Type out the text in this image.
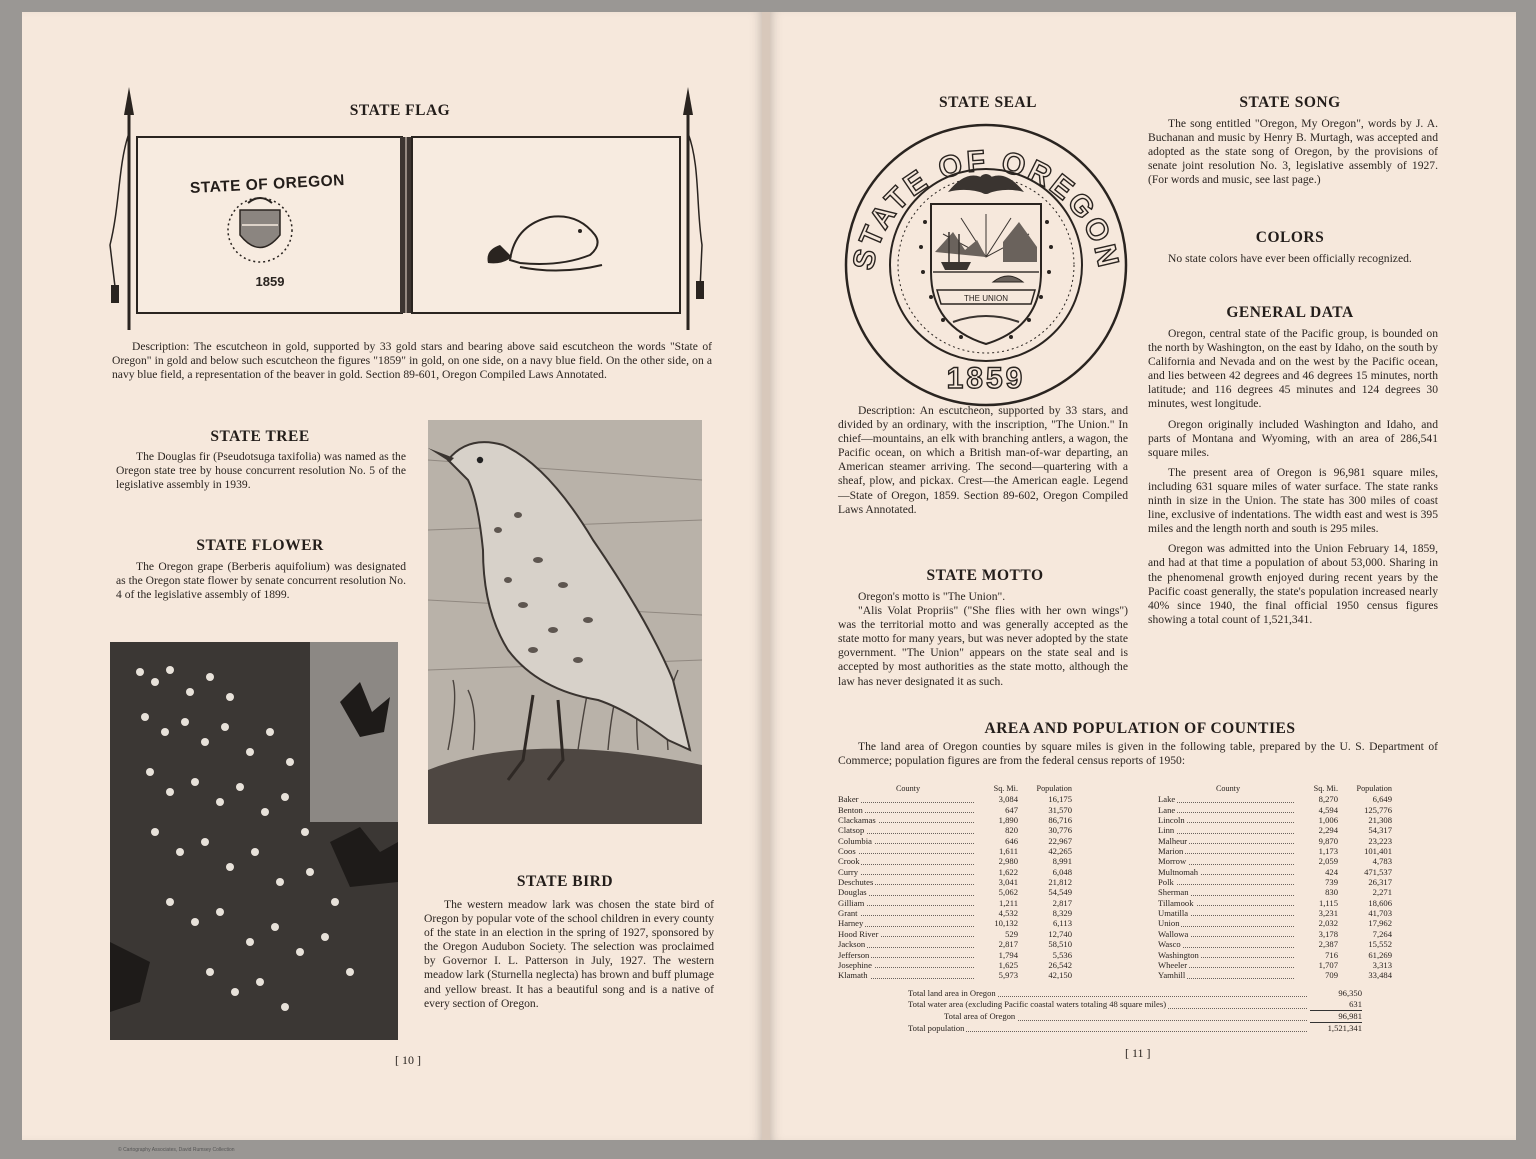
STATE FLAG
STATE OF OREGON
1859

Description: The escutcheon in gold, supported by 33 gold stars and bearing above said escutcheon the words "State of Oregon" in gold and below such escutcheon the figures "1859" in gold, on one side, on a navy blue field. On the other side, on a navy blue field, a representation of the beaver in gold. Section 89-601, Oregon Compiled Laws Annotated.

STATE TREE

The Douglas fir (Pseudotsuga taxifolia) was named as the Oregon state tree by house concurrent resolution No. 5 of the legislative assembly in 1939.

STATE FLOWER

The Oregon grape (Berberis aquifolium) was designated as the Oregon state flower by senate concurrent resolution No. 4 of the legislative assembly of 1899.

STATE BIRD

The western meadow lark was chosen the state bird of Oregon by popular vote of the school children in every county of the state in an election in the spring of 1927, sponsored by the Oregon Audubon Society. The selection was proclaimed by Governor I. L. Patterson in July, 1927. The western meadow lark (Sturnella neglecta) has brown and buff plumage and yellow breast. It has a beautiful song and is a native of every section of Oregon.

[ 10 ]
© Cartography Associates, David Rumsey Collection
STATE SEAL
STATE OF OREGON
1859
THE UNION

Description: An escutcheon, supported by 33 stars, and divided by an ordinary, with the inscription, "The Union." In chief—mountains, an elk with branching antlers, a wagon, the Pacific ocean, on which a British man-of-war departing, an American steamer arriving. The second—quartering with a sheaf, plow, and pickax. Crest—the American eagle. Legend—State of Oregon, 1859. Section 89-602, Oregon Compiled Laws Annotated.

STATE MOTTO

Oregon's motto is "The Union".

"Alis Volat Propriis" ("She flies with her own wings") was the territorial motto and was generally accepted as the state motto for many years, but was never adopted by the state government. "The Union" appears on the state seal and is accepted by most authorities as the state motto, although the law has never designated it as such.

STATE SONG

The song entitled "Oregon, My Oregon", words by J. A. Buchanan and music by Henry B. Murtagh, was accepted and adopted as the state song of Oregon, by the provisions of senate joint resolution No. 3, legislative assembly of 1927. (For words and music, see last page.)

COLORS

No state colors have ever been officially recognized.

GENERAL DATA

Oregon, central state of the Pacific group, is bounded on the north by Washington, on the east by Idaho, on the south by California and Nevada and on the west by the Pacific ocean, and lies between 42 degrees and 46 degrees 15 minutes, north latitude; and 116 degrees 45 minutes and 124 degrees 30 minutes, west longitude.

Oregon originally included Washington and Idaho, and parts of Montana and Wyoming, with an area of 286,541 square miles.

The present area of Oregon is 96,981 square miles, including 631 square miles of water surface. The state ranks ninth in size in the Union. The state has 300 miles of coast line, exclusive of indentations. The width east and west is 395 miles and the length north and south is 295 miles.

Oregon was admitted into the Union February 14, 1859, and had at that time a population of about 53,000. Sharing in the phenomenal growth enjoyed during recent years by the Pacific coast generally, the state's population increased nearly 40% since 1940, the final official 1950 census figures showing a total count of 1,521,341.

AREA AND POPULATION OF COUNTIES

The land area of Oregon counties by square miles is given in the following table, prepared by the U. S. Department of Commerce; population figures are from the federal census reports of 1950:

County	Sq. Mi.	Population
Baker	3,084	16,175
Benton	647	31,570
Clackamas	1,890	86,716
Clatsop	820	30,776
Columbia	646	22,967
Coos	1,611	42,265
Crook	2,980	8,991
Curry	1,622	6,048
Deschutes	3,041	21,812
Douglas	5,062	54,549
Gilliam	1,211	2,817
Grant	4,532	8,329
Harney	10,132	6,113
Hood River	529	12,740
Jackson	2,817	58,510
Jefferson	1,794	5,536
Josephine	1,625	26,542
Klamath	5,973	42,150
County	Sq. Mi.	Population
Lake	8,270	6,649
Lane	4,594	125,776
Lincoln	1,006	21,308
Linn	2,294	54,317
Malheur	9,870	23,223
Marion	1,173	101,401
Morrow	2,059	4,783
Multnomah	424	471,537
Polk	739	26,317
Sherman	830	2,271
Tillamook	1,115	18,606
Umatilla	3,231	41,703
Union	2,032	17,962
Wallowa	3,178	7,264
Wasco	2,387	15,552
Washington	716	61,269
Wheeler	1,707	3,313
Yamhill	709	33,484
Total land area in Oregon	96,350
Total water area (excluding Pacific coastal waters totaling 48 square miles)	631
Total area of Oregon	96,981
Total population	1,521,341
[ 11 ]
